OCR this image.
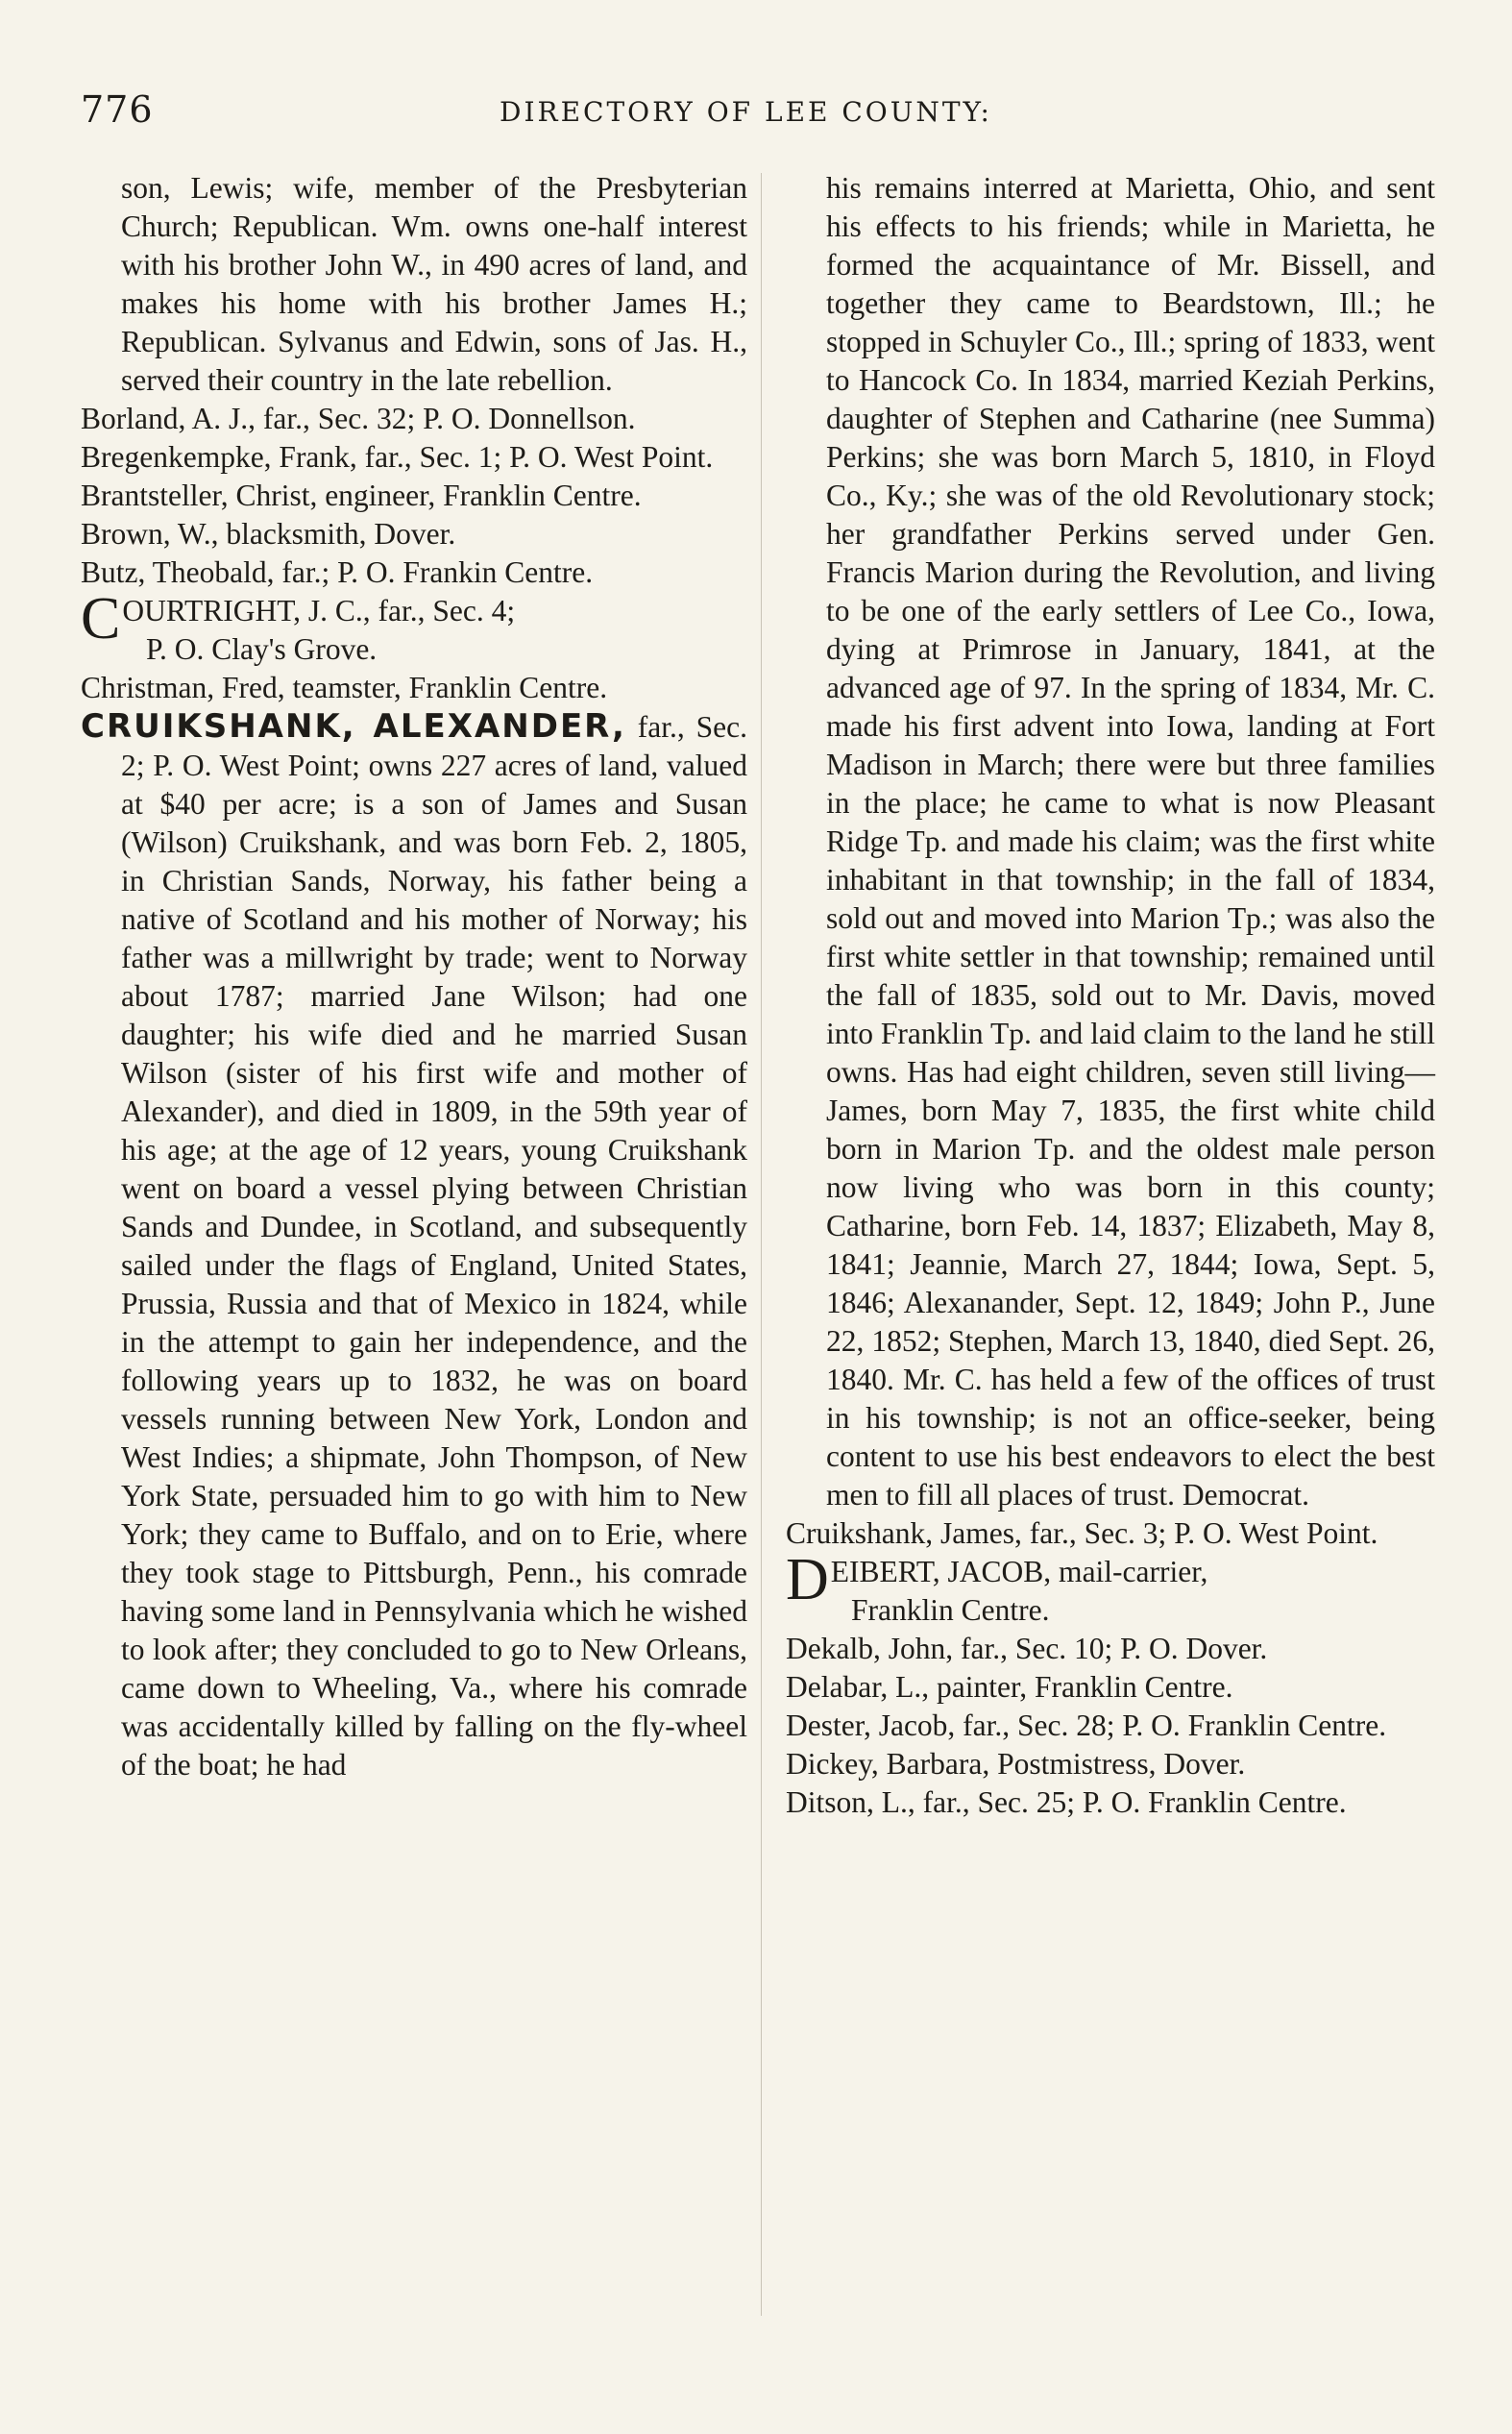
776	DIRECTORY OF LEE COUNTY:

son, Lewis; wife, member of the Presbyterian Church; Republican. Wm. owns one-half interest with his brother John W., in 490 acres of land, and makes his home with his brother James H.; Republican. Sylvanus and Edwin, sons of Jas. H., served their country in the late rebellion.

Borland, A. J., far., Sec. 32; P. O. Donnellson.

Bregenkempke, Frank, far., Sec. 1; P. O. West Point.

Brantsteller, Christ, engineer, Franklin Centre.

Brown, W., blacksmith, Dover.

Butz, Theobald, far.; P. O. Frankin Centre.

C OURTRIGHT, J. C., far., Sec. 4;
P. O. Clay's Grove.

Christman, Fred, teamster, Franklin Centre.

CRUIKSHANK, ALEXANDER, far., Sec. 2; P. O. West Point; owns 227 acres of land, valued at $40 per acre; is a son of James and Susan (Wilson) Cruikshank, and was born Feb. 2, 1805, in Christian Sands, Norway, his father being a native of Scotland and his mother of Norway; his father was a millwright by trade; went to Norway about 1787; married Jane Wilson; had one daughter; his wife died and he married Susan Wilson (sister of his first wife and mother of Alexander), and died in 1809, in the 59th year of his age; at the age of 12 years, young Cruikshank went on board a vessel plying between Christian Sands and Dundee, in Scotland, and subsequently sailed under the flags of England, United States, Prussia, Russia and that of Mexico in 1824, while in the attempt to gain her independence, and the following years up to 1832, he was on board vessels running between New York, London and West Indies; a shipmate, John Thompson, of New York State, persuaded him to go with him to New York; they came to Buffalo, and on to Erie, where they took stage to Pittsburgh, Penn., his comrade having some land in Pennsylvania which he wished to look after; they concluded to go to New Orleans, came down to Wheeling, Va., where his comrade was accidentally killed by falling on the fly-wheel of the boat; he had

his remains interred at Marietta, Ohio, and sent his effects to his friends; while in Marietta, he formed the acquaintance of Mr. Bissell, and together they came to Beardstown, Ill.; he stopped in Schuyler Co., Ill.; spring of 1833, went to Hancock Co. In 1834, married Keziah Perkins, daughter of Stephen and Catharine (nee Summa) Perkins; she was born March 5, 1810, in Floyd Co., Ky.; she was of the old Revolutionary stock; her grandfather Perkins served under Gen. Francis Marion during the Revolution, and living to be one of the early settlers of Lee Co., Iowa, dying at Primrose in January, 1841, at the advanced age of 97. In the spring of 1834, Mr. C. made his first advent into Iowa, landing at Fort Madison in March; there were but three families in the place; he came to what is now Pleasant Ridge Tp. and made his claim; was the first white inhabitant in that township; in the fall of 1834, sold out and moved into Marion Tp.; was also the first white settler in that township; remained until the fall of 1835, sold out to Mr. Davis, moved into Franklin Tp. and laid claim to the land he still owns. Has had eight children, seven still living—James, born May 7, 1835, the first white child born in Marion Tp. and the oldest male person now living who was born in this county; Catharine, born Feb. 14, 1837; Elizabeth, May 8, 1841; Jeannie, March 27, 1844; Iowa, Sept. 5, 1846; Alexanander, Sept. 12, 1849; John P., June 22, 1852; Stephen, March 13, 1840, died Sept. 26, 1840. Mr. C. has held a few of the offices of trust in his township; is not an office-seeker, being content to use his best endeavors to elect the best men to fill all places of trust. Democrat.

Cruikshank, James, far., Sec. 3; P. O. West Point.

D EIBERT, JACOB, mail-carrier,
Franklin Centre.

Dekalb, John, far., Sec. 10; P. O. Dover.

Delabar, L., painter, Franklin Centre.

Dester, Jacob, far., Sec. 28; P. O. Franklin Centre.

Dickey, Barbara, Postmistress, Dover.

Ditson, L., far., Sec. 25; P. O. Franklin Centre.
